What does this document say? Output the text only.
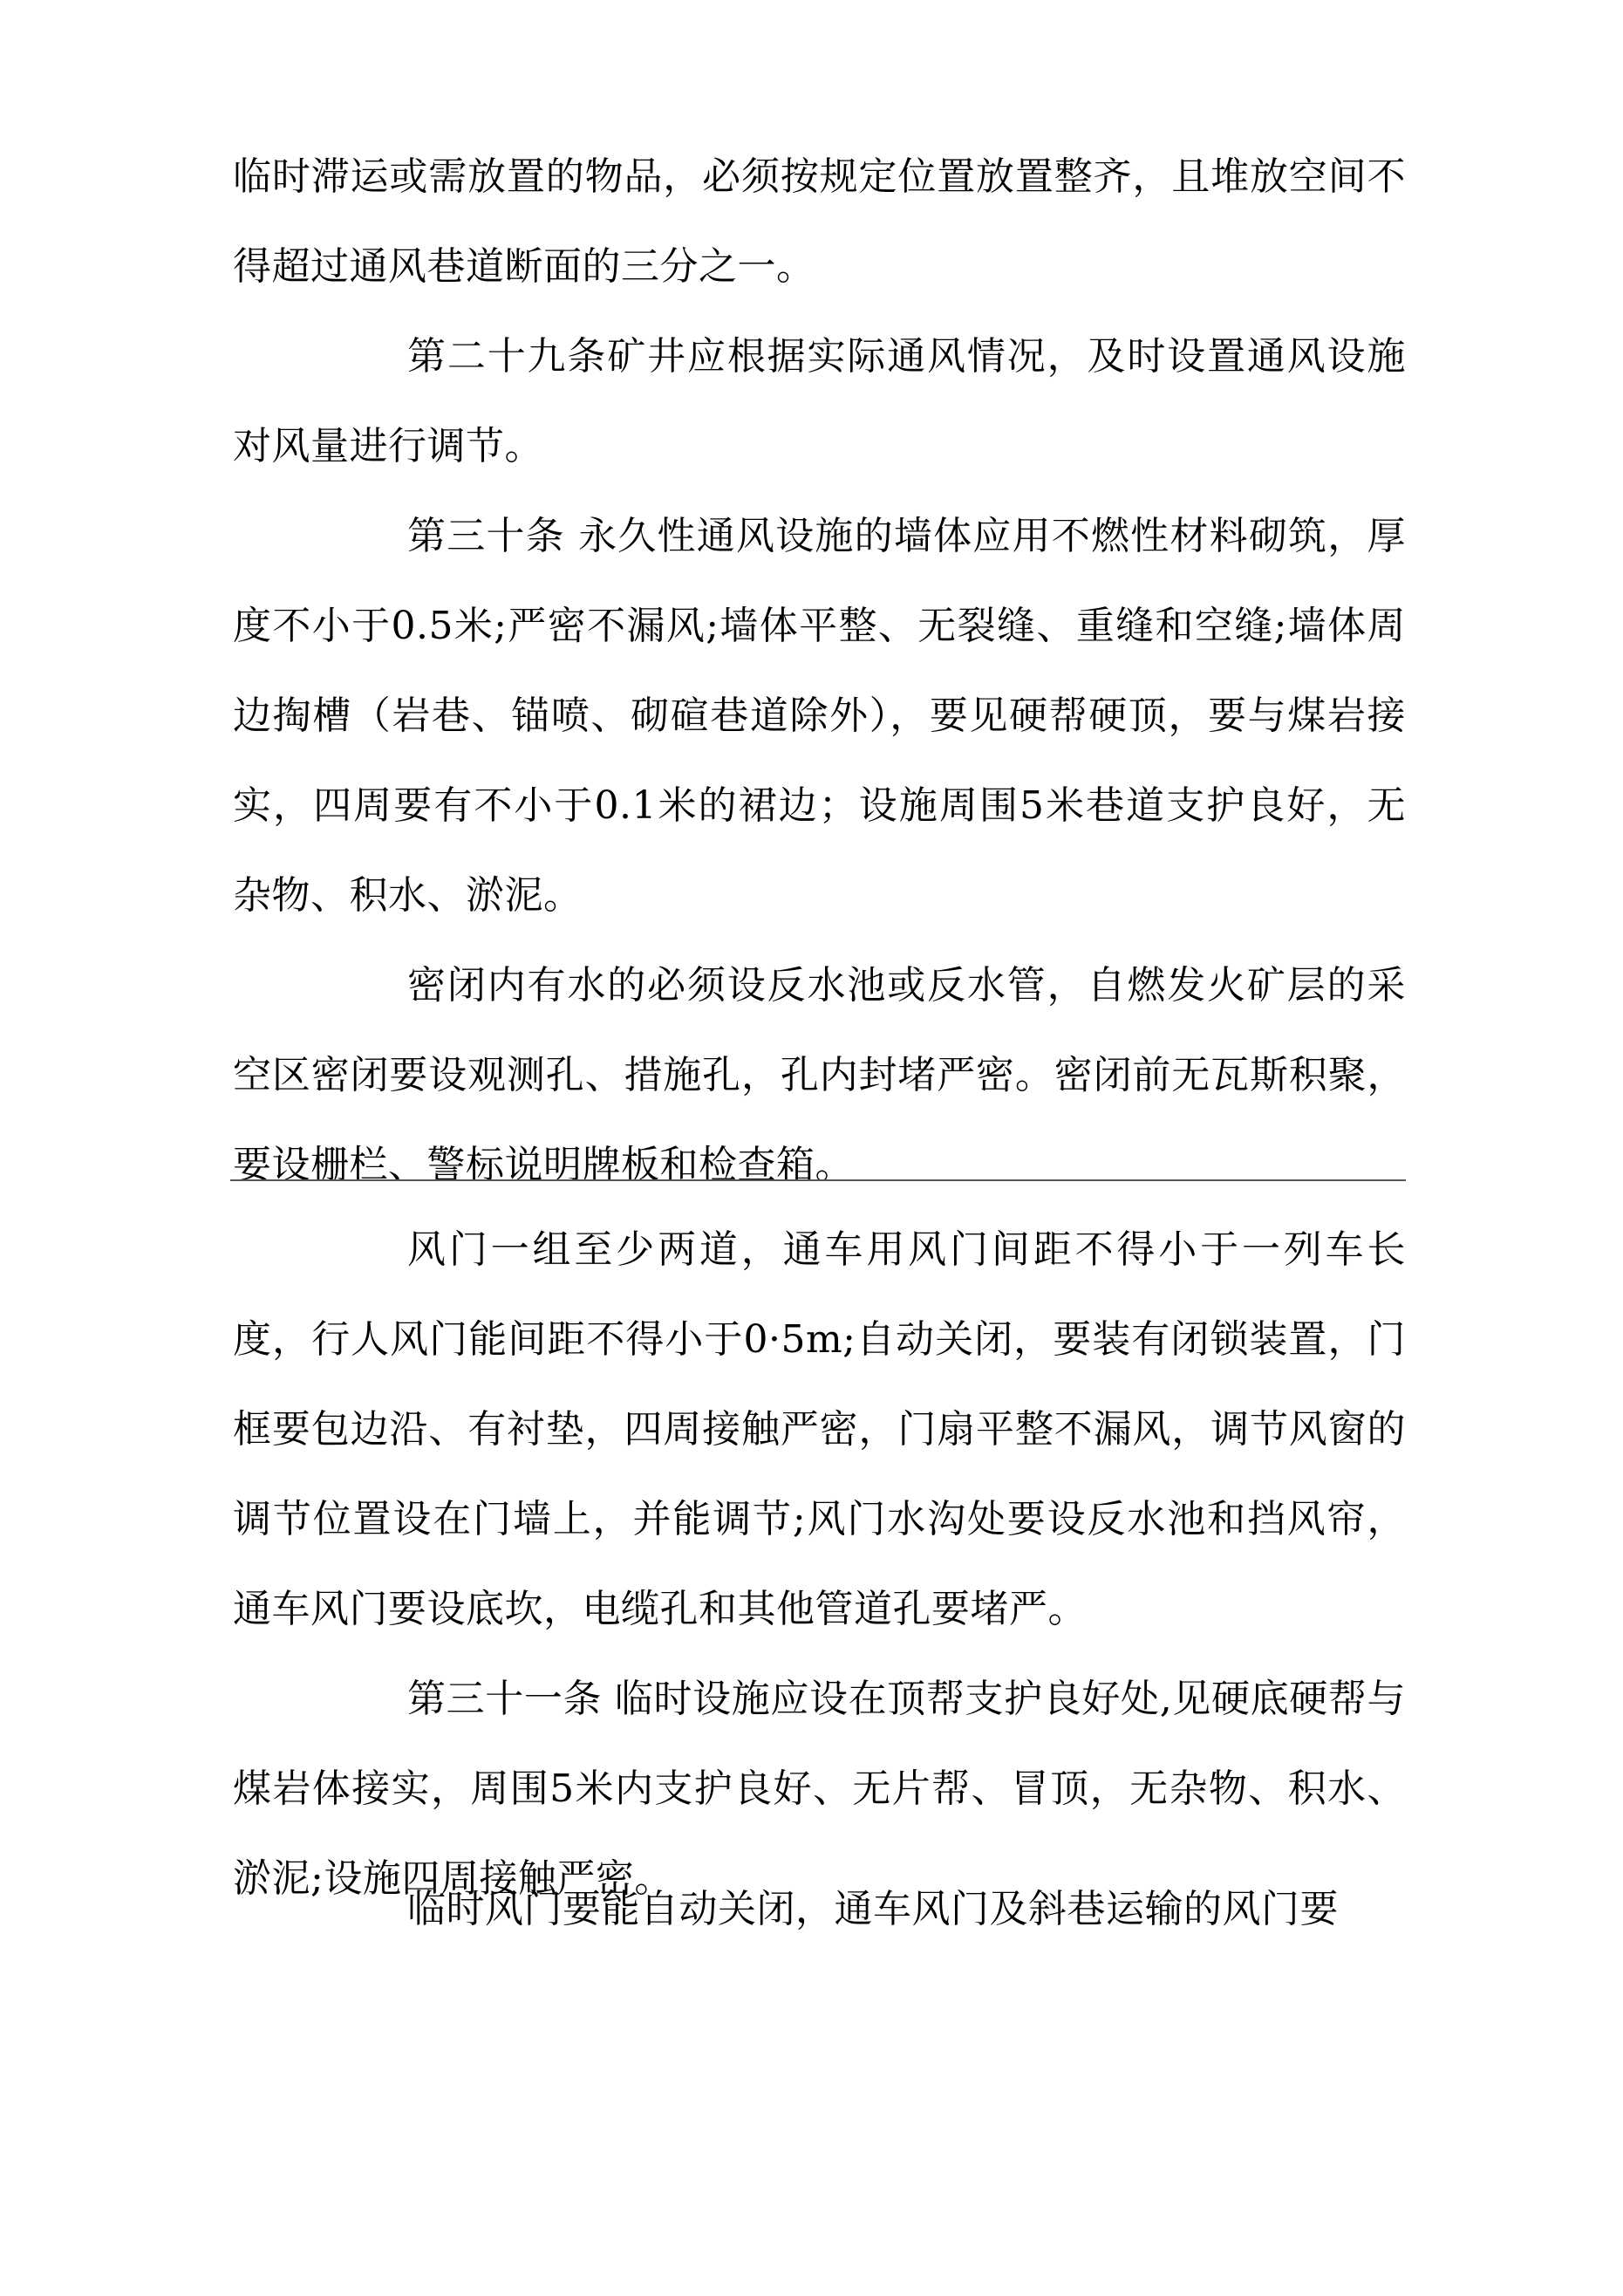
临时滞运或需放置的物品，必须按规定位置放置整齐，且堆放空间不得超过通风巷道断面的三分之一。

第二十九条矿井应根据实际通风情况，及时设置通风设施对风量进行调节。

第三十条 永久性通风设施的墙体应用不燃性材料砌筑，厚度不小于0.5米;严密不漏风;墙体平整、无裂缝、重缝和空缝;墙体周边掏槽（岩巷、锚喷、砌碹巷道除外），要见硬帮硬顶，要与煤岩接实，四周要有不小于0.1米的裙边；设施周围5米巷道支护良好，无杂物、积水、淤泥。

密闭内有水的必须设反水池或反水管，自燃发火矿层的采空区密闭要设观测孔、措施孔，孔内封堵严密。密闭前无瓦斯积聚，要设栅栏、警标说明牌板和检查箱。

风门一组至少两道，通车用风门间距不得小于一列车长度，行人风门能间距不得小于0·5m;自动关闭，要装有闭锁装置，门框要包边沿、有衬垫，四周接触严密，门扇平整不漏风，调节风窗的调节位置设在门墙上，并能调节;风门水沟处要设反水池和挡风帘，通车风门要设底坎，电缆孔和其他管道孔要堵严。

第三十一条 临时设施应设在顶帮支护良好处,见硬底硬帮与煤岩体接实，周围5米内支护良好、无片帮、冒顶，无杂物、积水、淤泥;设施四周接触严密。

临时风门要能自动关闭，通车风门及斜巷运输的风门要
